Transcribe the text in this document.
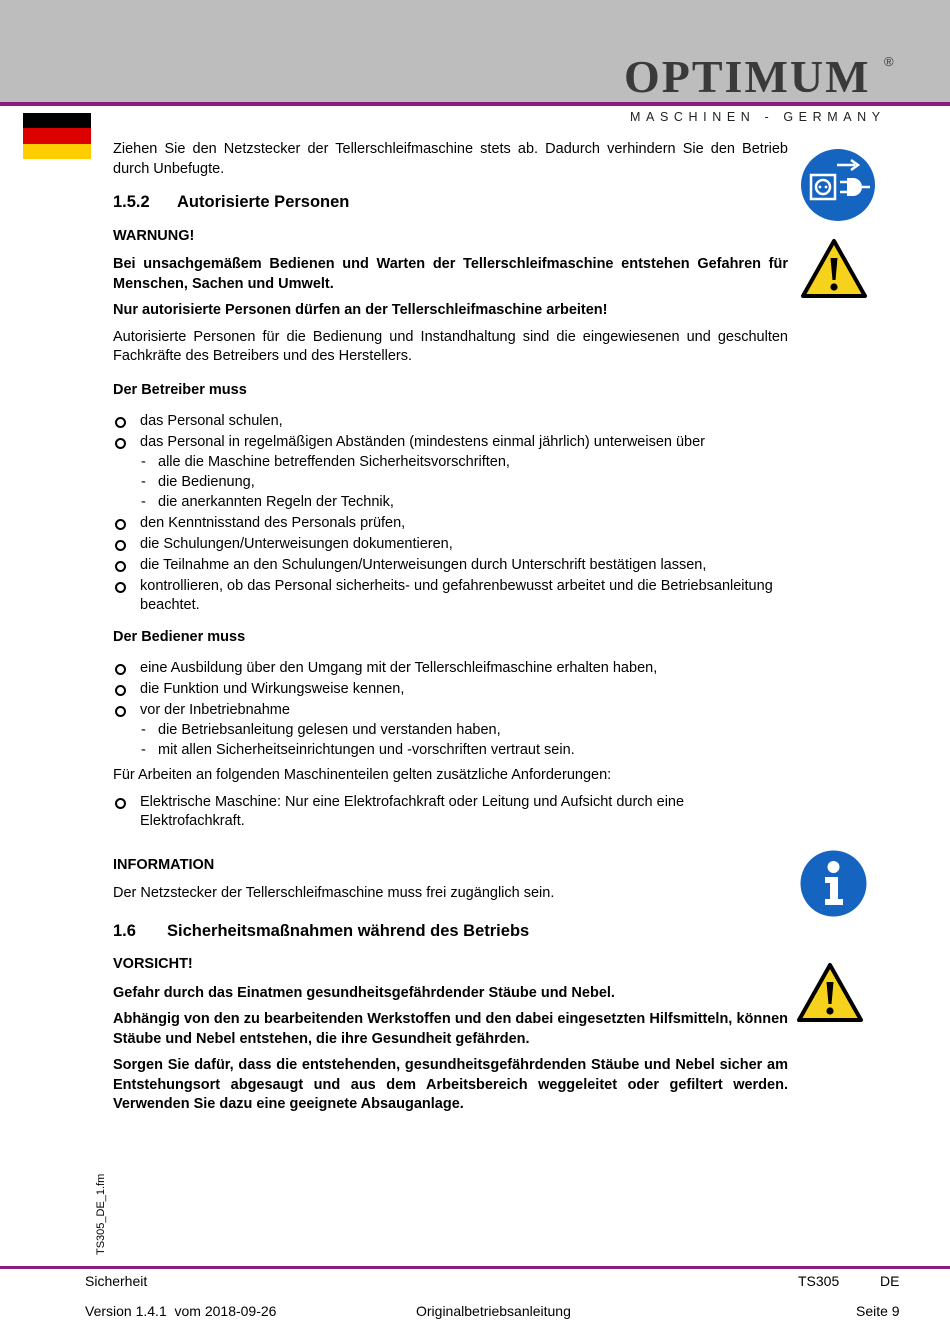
OPTIMUM	®
MASCHINEN - GERMANY

Ziehen Sie den Netzstecker der Tellerschleifmaschine stets ab. Dadurch verhindern Sie den Betrieb durch Unbefugte.

1.5.2 Autorisierte Personen
WARNUNG!

Bei unsachgemäßem Bedienen und Warten der Tellerschleifmaschine entstehen Gefahren für Menschen, Sachen und Umwelt.

Nur autorisierte Personen dürfen an der Tellerschleifmaschine arbeiten!

Autorisierte Personen für die Bedienung und Instandhaltung sind die eingewiesenen und geschulten Fachkräfte des Betreibers und des Herstellers.

Der Betreiber muss
das Personal schulen,
das Personal in regelmäßigen Abständen (mindestens einmal jährlich) unterweisen über
- alle die Maschine betreffenden Sicherheitsvorschriften,
- die Bedienung,
- die anerkannten Regeln der Technik,
den Kenntnisstand des Personals prüfen,
die Schulungen/Unterweisungen dokumentieren,
die Teilnahme an den Schulungen/Unterweisungen durch Unterschrift bestätigen lassen,
kontrollieren, ob das Personal sicherheits- und gefahrenbewusst arbeitet und die Betriebsanleitung beachtet.
Der Bediener muss
eine Ausbildung über den Umgang mit der Tellerschleifmaschine erhalten haben,
die Funktion und Wirkungsweise kennen,
vor der Inbetriebnahme
- die Betriebsanleitung gelesen und verstanden haben,
- mit allen Sicherheitseinrichtungen und -vorschriften vertraut sein.

Für Arbeiten an folgenden Maschinenteilen gelten zusätzliche Anforderungen:

Elektrische Maschine: Nur eine Elektrofachkraft oder Leitung und Aufsicht durch eine Elektrofachkraft.
INFORMATION

Der Netzstecker der Tellerschleifmaschine muss frei zugänglich sein.

1.6 Sicherheitsmaßnahmen während des Betriebs
VORSICHT!

Gefahr durch das Einatmen gesundheitsgefährdender Stäube und Nebel.

Abhängig von den zu bearbeitenden Werkstoffen und den dabei eingesetzten Hilfsmitteln, können Stäube und Nebel entstehen, die ihre Gesundheit gefährden.

Sorgen Sie dafür, dass die entstehenden, gesundheitsgefährdenden Stäube und Nebel sicher am Entstehungsort abgesaugt und aus dem Arbeitsbereich weggeleitet oder gefiltert werden. Verwenden Sie dazu eine geeignete Absauganlage.

TS305_DE_1.fm
Sicherheit	TS305	DE
Version 1.4.1  vom 2018-09-26	Originalbetriebsanleitung	Seite 9
